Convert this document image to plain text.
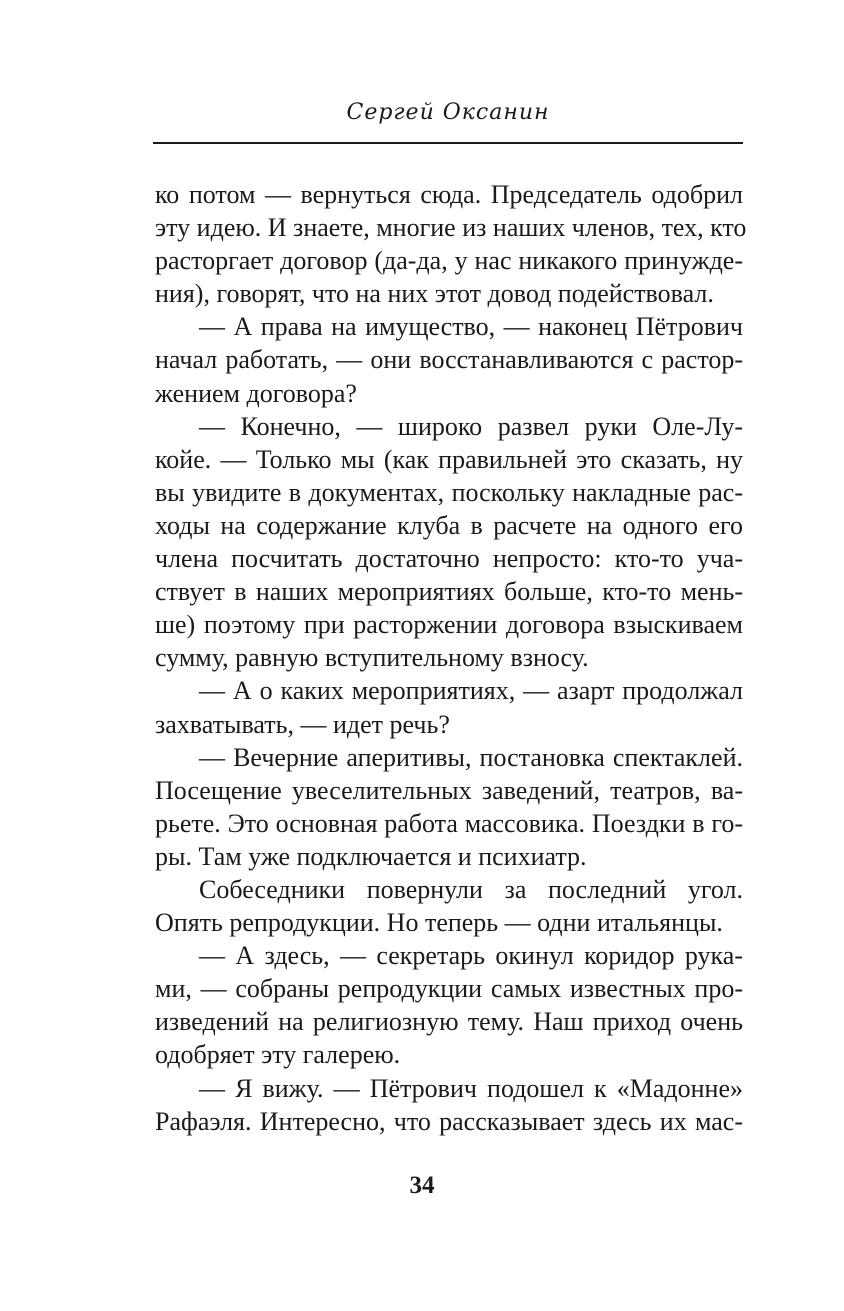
Сергей Оксанин

ко потом — вернуться сюда. Председатель одобрил
эту идею. И знаете, многие из наших членов, тех, кто
расторгает договор (да-да, у нас никакого принужде-
ния), говорят, что на них этот довод подействовал.

— А права на имущество, — наконец Пётрович
начал работать, — они восстанавливаются с растор-
жением договора?

— Конечно, — широко развел руки Оле-Лу-
койе. — Только мы (как правильней это сказать, ну
вы увидите в документах, поскольку накладные рас-
ходы на содержание клуба в расчете на одного его
члена посчитать достаточно непросто: кто-то уча-
ствует в наших мероприятиях больше, кто-то мень-
ше) поэтому при расторжении договора взыскиваем
сумму, равную вступительному взносу.

— А о каких мероприятиях, — азарт продолжал
захватывать, — идет речь?

— Вечерние аперитивы, постановка спектаклей.
Посещение увеселительных заведений, театров, ва-
рьете. Это основная работа массовика. Поездки в го-
ры. Там уже подключается и психиатр.

Собеседники повернули за последний угол.
Опять репродукции. Но теперь — одни итальянцы.

— А здесь, — секретарь окинул коридор рука-
ми, — собраны репродукции самых известных про-
изведений на религиозную тему. Наш приход очень
одобряет эту галерею.

— Я вижу. — Пётрович подошел к «Мадонне»
Рафаэля. Интересно, что рассказывает здесь их мас-

34
